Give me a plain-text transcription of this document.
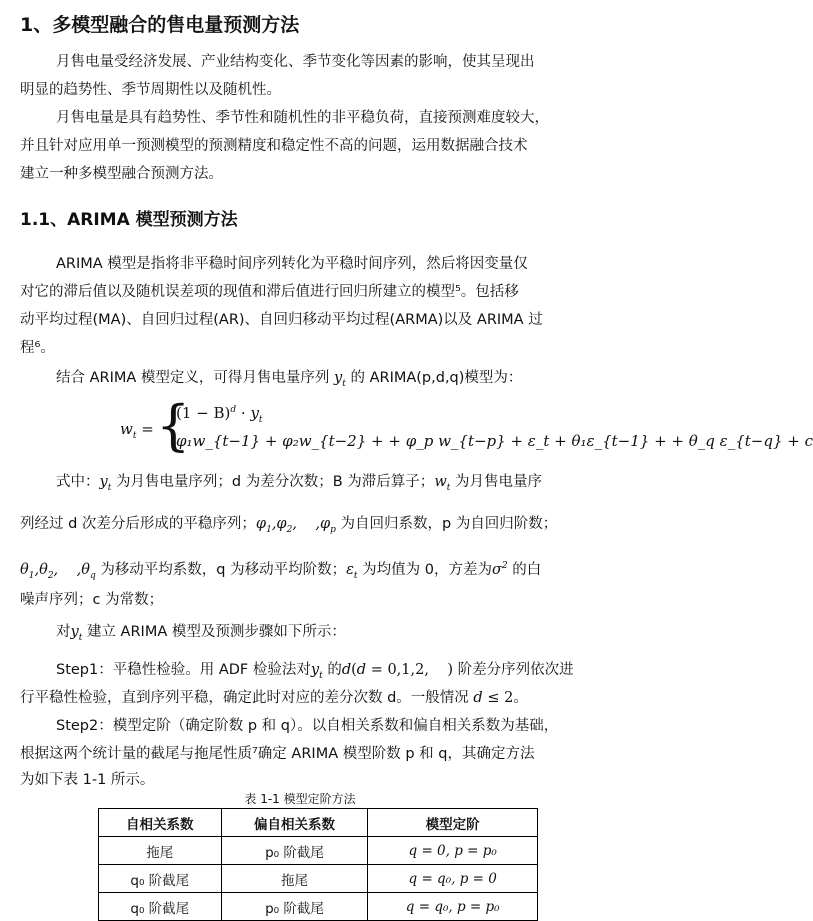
1、多模型融合的售电量预测方法
月售电量受经济发展、产业结构变化、季节变化等因素的影响，使其呈现出
明显的趋势性、季节周期性以及随机性。
月售电量是具有趋势性、季节性和随机性的非平稳负荷，直接预测难度较大，
并且针对应用单一预测模型的预测精度和稳定性不高的问题，运用数据融合技术
建立一种多模型融合预测方法。
1.1、ARIMA 模型预测方法
ARIMA 模型是指将非平稳时间序列转化为平稳时间序列，然后将因变量仅
对它的滞后值以及随机误差项的现值和滞后值进行回归所建立的模型⁵。包括移
动平均过程(MA)、自回归过程(AR)、自回归移动平均过程(ARMA)以及 ARIMA 过
程⁶。
结合 ARIMA 模型定义，可得月售电量序列 $y_t$ 的 ARIMA(p,d,q)模型为：
$w_t$ = {
$(1 - B)^d \cdot y_t$
φ₁w_{t−1} + φ₂w_{t−2} + + φ_p w_{t−p} + ε_t + θ₁ε_{t−1} + + θ_q ε_{t−q} + c
式中：$y_t$ 为月售电量序列；d 为差分次数；B 为滞后算子；$w_t$ 为月售电量序
列经过 d 次差分后形成的平稳序列；$\varphi_1,\varphi_2$,    $,\varphi_p$ 为自回归系数，p 为自回归阶数；
$\theta_1,\theta_2$,    $,\theta_q$ 为移动平均系数，q 为移动平均阶数；$\varepsilon_t$ 为均值为 0，方差为$\sigma^2$ 的白
噪声序列；c 为常数；
对$y_t$ 建立 ARIMA 模型及预测步骤如下所示：
Step1：平稳性检验。用 ADF 检验法对$y_t$ 的d(d = 0,1,2,    ) 阶差分序列依次进
行平稳性检验，直到序列平稳，确定此时对应的差分次数 d。一般情况 d ≤ 2。
Step2：模型定阶（确定阶数 p 和 q）。以自相关系数和偏自相关系数为基础，
根据这两个统计量的截尾与拖尾性质⁷确定 ARIMA 模型阶数 p 和 q，其确定方法
为如下表 1-1 所示。
表 1-1 模型定阶方法
自相关系数	偏自相关系数	模型定阶
拖尾	p₀ 阶截尾	q = 0, p = p₀
q₀ 阶截尾	拖尾	q = q₀, p = 0
q₀ 阶截尾	p₀ 阶截尾	q = q₀, p = p₀
